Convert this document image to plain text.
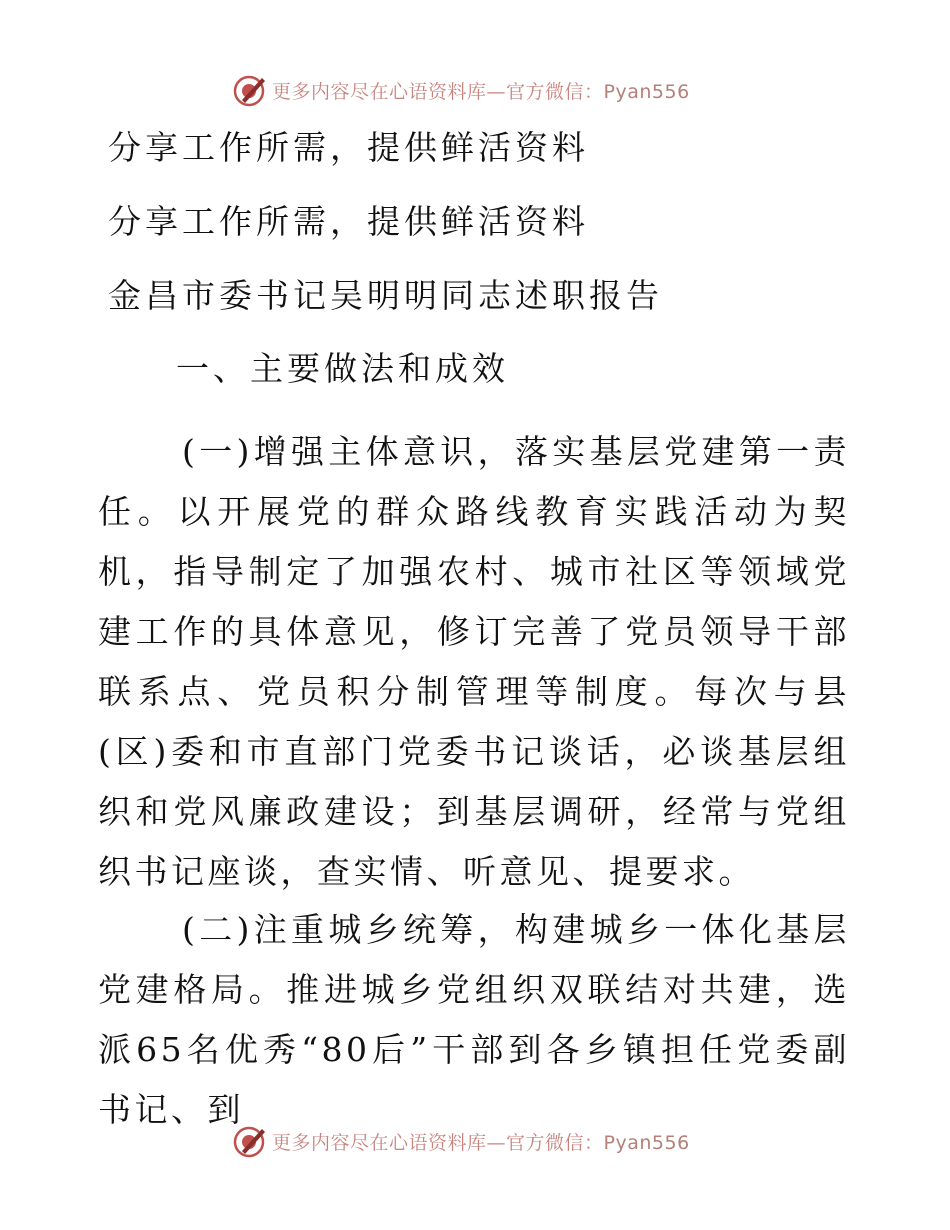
更多内容尽在心语资料库—官方微信：Pyan556
分享工作所需，提供鲜活资料
分享工作所需，提供鲜活资料
金昌市委书记吴明明同志述职报告
一、主要做法和成效
(一)增强主体意识，落实基层党建第一责任。以开展党的群众路线教育实践活动为契机，指导制定了加强农村、城市社区等领域党建工作的具体意见，修订完善了党员领导干部联系点、党员积分制管理等制度。每次与县(区)委和市直部门党委书记谈话，必谈基层组织和党风廉政建设；到基层调研，经常与党组织书记座谈，查实情、听意见、提要求。
(二)注重城乡统筹，构建城乡一体化基层党建格局。推进城乡党组织双联结对共建，选派65名优秀“80后”干部到各乡镇担任党委副书记、到
更多内容尽在心语资料库—官方微信：Pyan556
